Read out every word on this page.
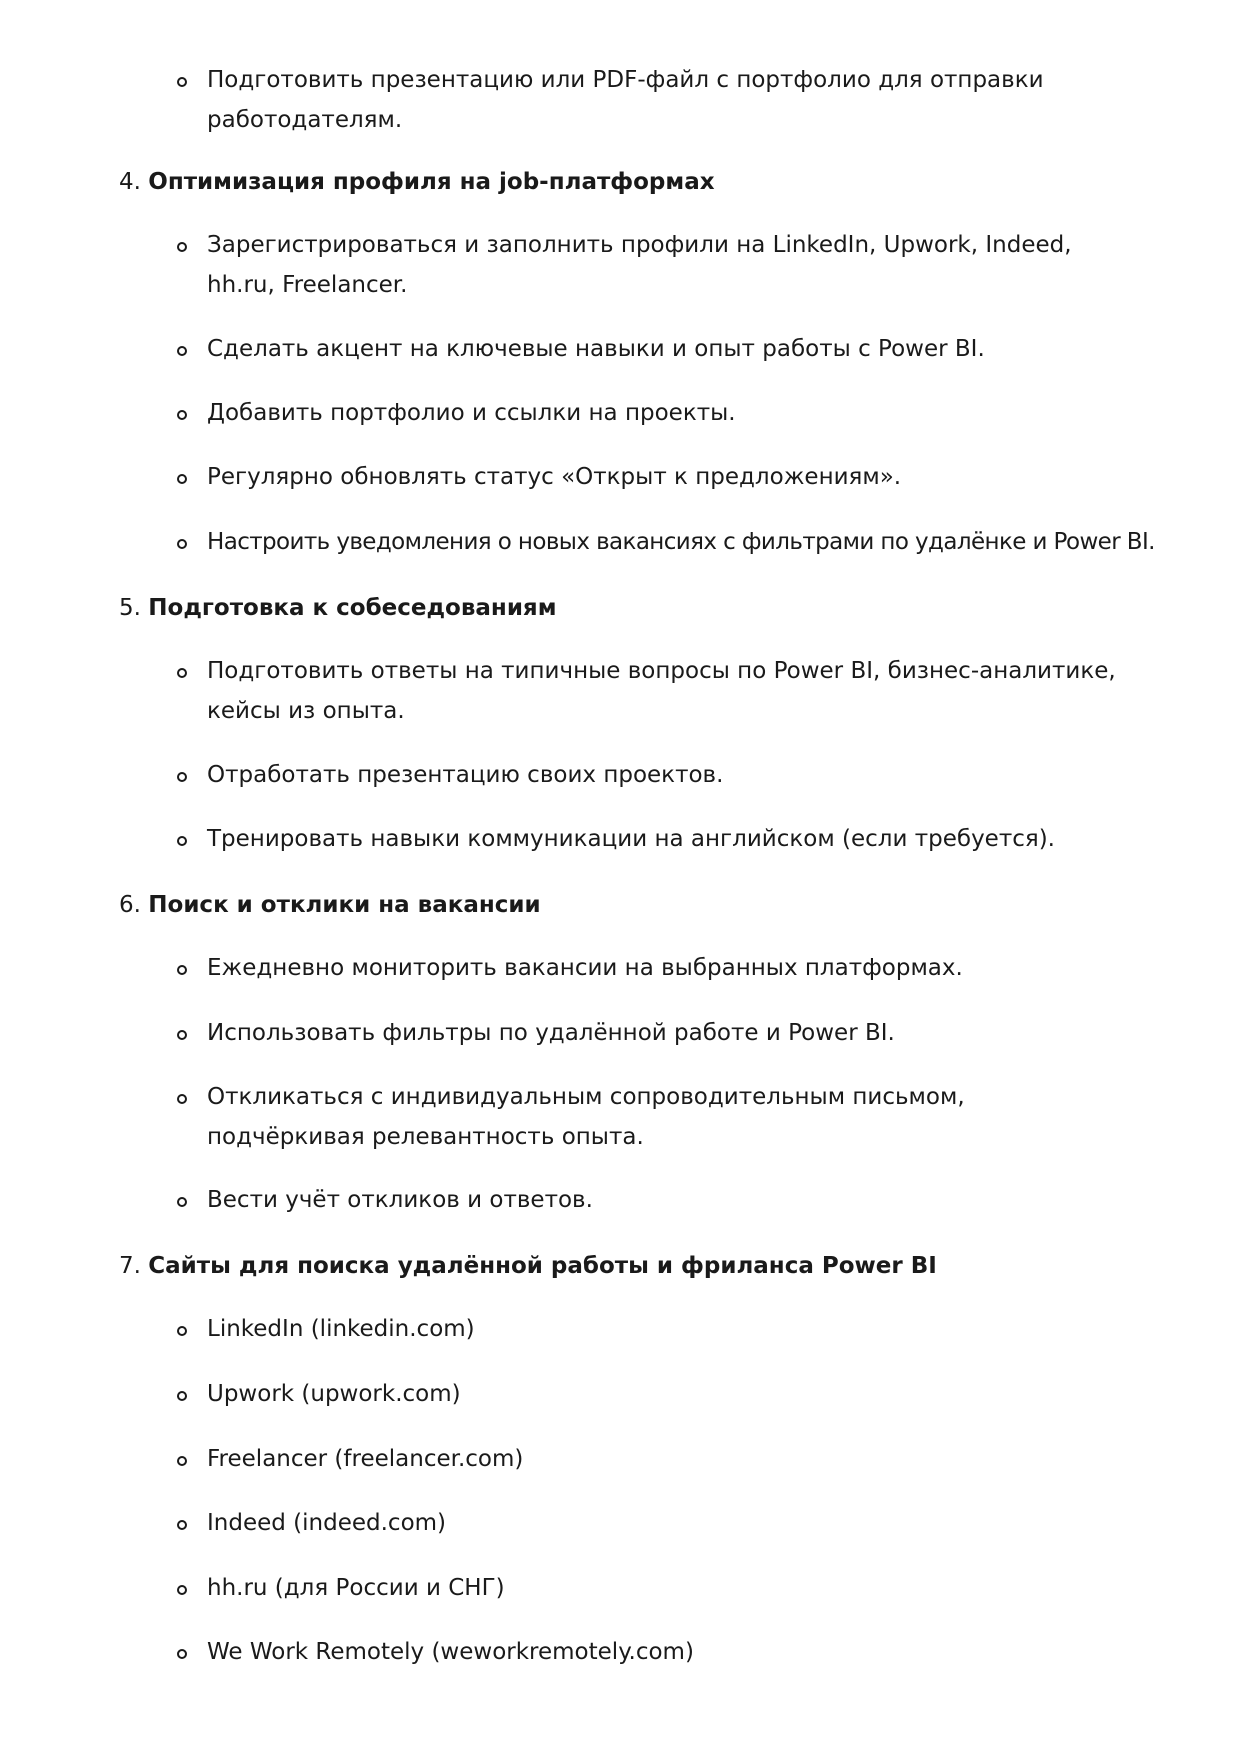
Подготовить презентацию или PDF-файл с портфолио для отправки работодателям.
4. Оптимизация профиля на job-платформах
Зарегистрироваться и заполнить профили на LinkedIn, Upwork, Indeed, hh.ru, Freelancer.
Сделать акцент на ключевые навыки и опыт работы с Power BI.
Добавить портфолио и ссылки на проекты.
Регулярно обновлять статус «Открыт к предложениям».
Настроить уведомления о новых вакансиях с фильтрами по удалёнке и Power BI.
5. Подготовка к собеседованиям
Подготовить ответы на типичные вопросы по Power BI, бизнес-аналитике, кейсы из опыта.
Отработать презентацию своих проектов.
Тренировать навыки коммуникации на английском (если требуется).
6. Поиск и отклики на вакансии
Ежедневно мониторить вакансии на выбранных платформах.
Использовать фильтры по удалённой работе и Power BI.
Откликаться с индивидуальным сопроводительным письмом, подчёркивая релевантность опыта.
Вести учёт откликов и ответов.
7. Сайты для поиска удалённой работы и фриланса Power BI
LinkedIn (linkedin.com)
Upwork (upwork.com)
Freelancer (freelancer.com)
Indeed (indeed.com)
hh.ru (для России и СНГ)
We Work Remotely (weworkremotely.com)
